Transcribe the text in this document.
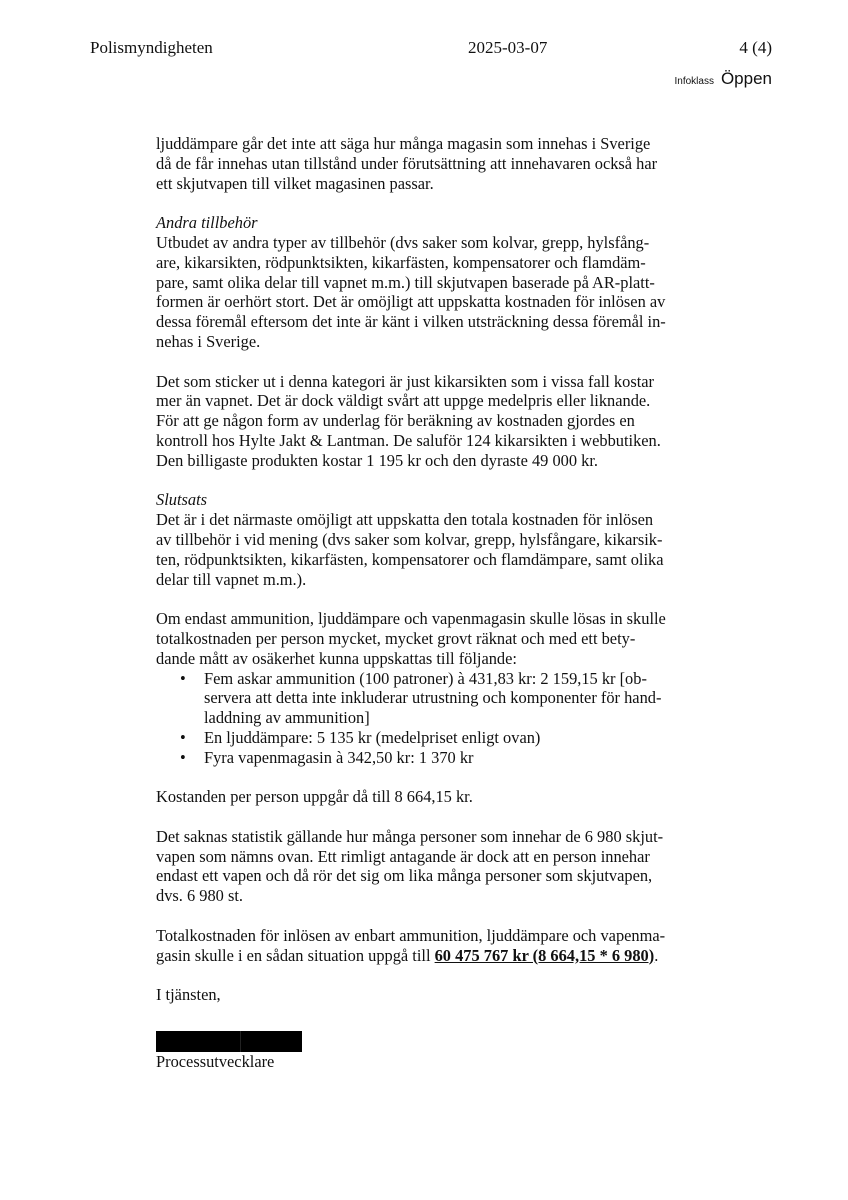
Polismyndigheten	2025-03-07	4 (4)
Infoklass Öppen
ljuddämpare går det inte att säga hur många magasin som innehas i Sverige
då de får innehas utan tillstånd under förutsättning att innehavaren också har
ett skjutvapen till vilket magasinen passar.
Andra tillbehör
Utbudet av andra typer av tillbehör (dvs saker som kolvar, grepp, hylsfång-
are, kikarsikten, rödpunktsikten, kikarfästen, kompensatorer och flamdäm-
pare, samt olika delar till vapnet m.m.) till skjutvapen baserade på AR-platt-
formen är oerhört stort. Det är omöjligt att uppskatta kostnaden för inlösen av
dessa föremål eftersom det inte är känt i vilken utsträckning dessa föremål in-
nehas i Sverige.
Det som sticker ut i denna kategori är just kikarsikten som i vissa fall kostar
mer än vapnet. Det är dock väldigt svårt att uppge medelpris eller liknande.
För att ge någon form av underlag för beräkning av kostnaden gjordes en
kontroll hos Hylte Jakt & Lantman. De saluför 124 kikarsikten i webbutiken.
Den billigaste produkten kostar 1 195 kr och den dyraste 49 000 kr.
Slutsats
Det är i det närmaste omöjligt att uppskatta den totala kostnaden för inlösen
av tillbehör i vid mening (dvs saker som kolvar, grepp, hylsfångare, kikarsik-
ten, rödpunktsikten, kikarfästen, kompensatorer och flamdämpare, samt olika
delar till vapnet m.m.).
Om endast ammunition, ljuddämpare och vapenmagasin skulle lösas in skulle
totalkostnaden per person mycket, mycket grovt räknat och med ett bety-
dande mått av osäkerhet kunna uppskattas till följande:
• Fem askar ammunition (100 patroner) à 431,83 kr: 2 159,15 kr [ob-
servera att detta inte inkluderar utrustning och komponenter för hand-
laddning av ammunition]
• En ljuddämpare: 5 135 kr (medelpriset enligt ovan)
• Fyra vapenmagasin à 342,50 kr: 1 370 kr
Kostanden per person uppgår då till 8 664,15 kr.
Det saknas statistik gällande hur många personer som innehar de 6 980 skjut-
vapen som nämns ovan. Ett rimligt antagande är dock att en person innehar
endast ett vapen och då rör det sig om lika många personer som skjutvapen,
dvs. 6 980 st.
Totalkostnaden för inlösen av enbart ammunition, ljuddämpare och vapenma-
gasin skulle i en sådan situation uppgå till 60 475 767 kr (8 664,15 * 6 980).
I tjänsten,
Processutvecklare
